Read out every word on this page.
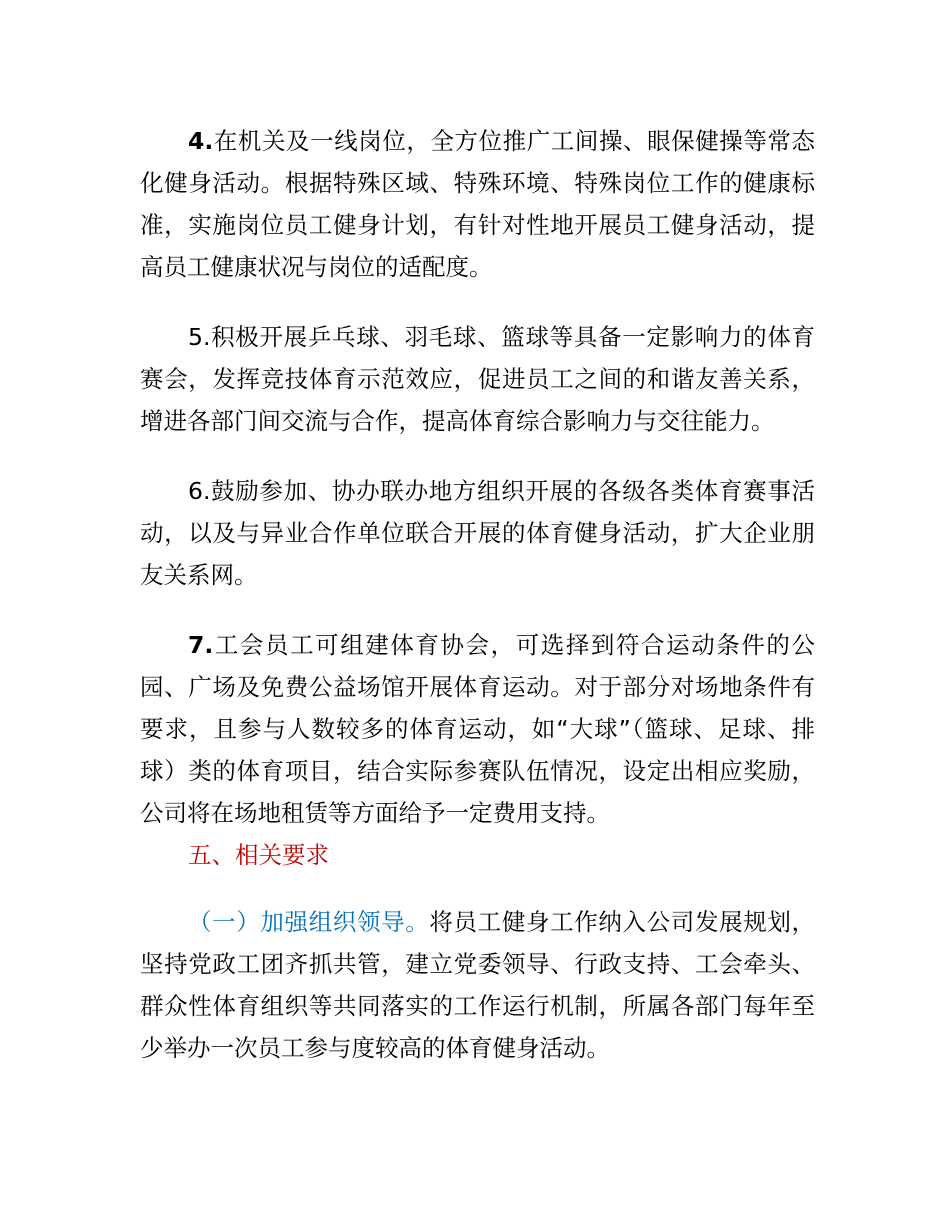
4.在机关及一线岗位，全方位推广工间操、眼保健操等常态化健身活动。根据特殊区域、特殊环境、特殊岗位工作的健康标准，实施岗位员工健身计划，有针对性地开展员工健身活动，提高员工健康状况与岗位的适配度。

5.积极开展乒乓球、羽毛球、篮球等具备一定影响力的体育赛会，发挥竞技体育示范效应，促进员工之间的和谐友善关系，增进各部门间交流与合作，提高体育综合影响力与交往能力。

6.鼓励参加、协办联办地方组织开展的各级各类体育赛事活动，以及与异业合作单位联合开展的体育健身活动，扩大企业朋友关系网。

7.工会员工可组建体育协会，可选择到符合运动条件的公园、广场及免费公益场馆开展体育运动。对于部分对场地条件有要求，且参与人数较多的体育运动，如“大球”（篮球、足球、排球）类的体育项目，结合实际参赛队伍情况，设定出相应奖励，公司将在场地租赁等方面给予一定费用支持。

五、相关要求

（一）加强组织领导。将员工健身工作纳入公司发展规划，坚持党政工团齐抓共管，建立党委领导、行政支持、工会牵头、群众性体育组织等共同落实的工作运行机制，所属各部门每年至少举办一次员工参与度较高的体育健身活动。
